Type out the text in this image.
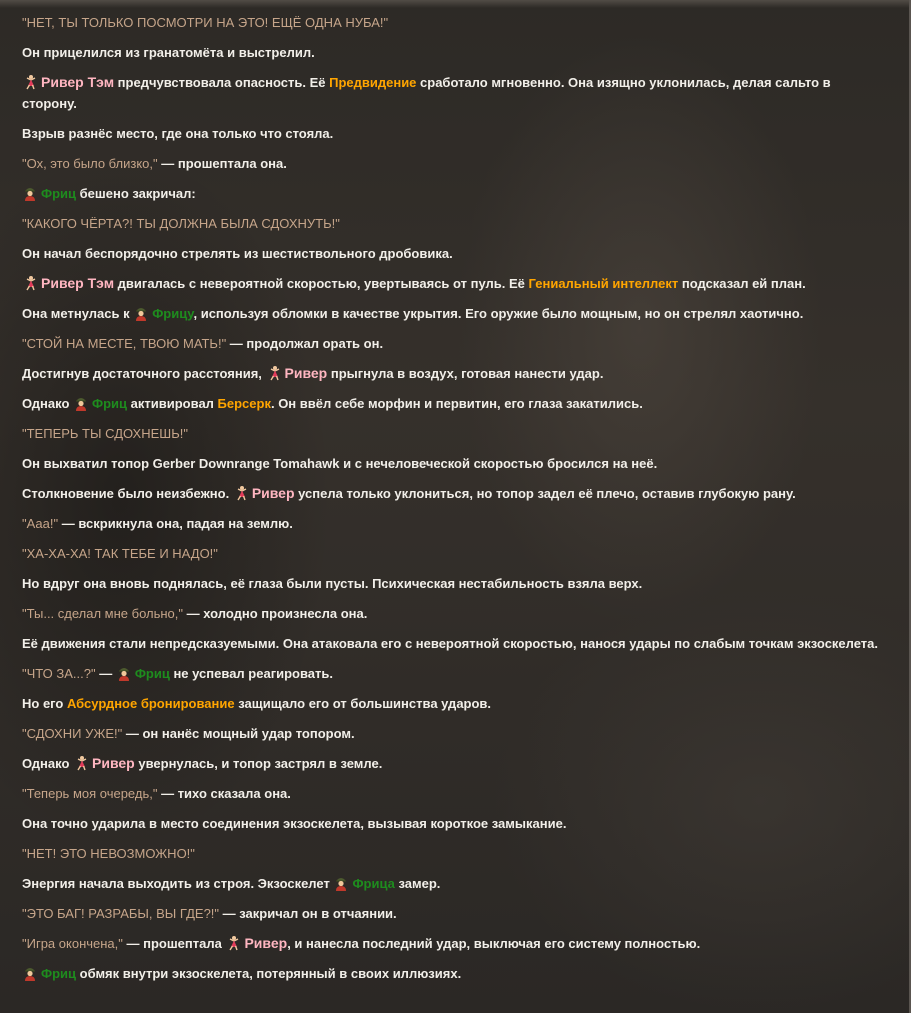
"НЕТ, ТЫ ТОЛЬКО ПОСМОТРИ НА ЭТО! ЕЩЁ ОДНА НУБА!"
Он прицелился из гранатомёта и выстрелил.
Ривер Тэм предчувствовала опасность. Её Предвидение сработало мгновенно. Она изящно уклонилась, делая сальто в сторону.
Взрыв разнёс место, где она только что стояла.
"Ох, это было близко," — прошептала она.
Фриц бешено закричал:
"КАКОГО ЧЁРТА?! ТЫ ДОЛЖНА БЫЛА СДОХНУТЬ!"
Он начал беспорядочно стрелять из шестиствольного дробовика.
Ривер Тэм двигалась с невероятной скоростью, увертываясь от пуль. Её Гениальный интеллект подсказал ей план.
Она метнулась к Фрицу, используя обломки в качестве укрытия. Его оружие было мощным, но он стрелял хаотично.
"СТОЙ НА МЕСТЕ, ТВОЮ МАТЬ!" — продолжал орать он.
Достигнув достаточного расстояния, Ривер прыгнула в воздух, готовая нанести удар.
Однако Фриц активировал Берсерк. Он ввёл себе морфин и первитин, его глаза закатились.
"ТЕПЕРЬ ТЫ СДОХНЕШЬ!"
Он выхватил топор Gerber Downrange Tomahawk и с нечеловеческой скоростью бросился на неё.
Столкновение было неизбежно. Ривер успела только уклониться, но топор задел её плечо, оставив глубокую рану.
"Ааа!" — вскрикнула она, падая на землю.
"ХА-ХА-ХА! ТАК ТЕБЕ И НАДО!"
Но вдруг она вновь поднялась, её глаза были пусты. Психическая нестабильность взяла верх.
"Ты... сделал мне больно," — холодно произнесла она.
Её движения стали непредсказуемыми. Она атаковала его с невероятной скоростью, нанося удары по слабым точкам экзоскелета.
"ЧТО ЗА...?" — Фриц не успевал реагировать.
Но его Абсурдное бронирование защищало его от большинства ударов.
"СДОХНИ УЖЕ!" — он нанёс мощный удар топором.
Однако Ривер увернулась, и топор застрял в земле.
"Теперь моя очередь," — тихо сказала она.
Она точно ударила в место соединения экзоскелета, вызывая короткое замыкание.
"НЕТ! ЭТО НЕВОЗМОЖНО!"
Энергия начала выходить из строя. Экзоскелет Фрица замер.
"ЭТО БАГ! РАЗРАБЫ, ВЫ ГДЕ?!" — закричал он в отчаянии.
"Игра окончена," — прошептала Ривер, и нанесла последний удар, выключая его систему полностью.
Фриц обмяк внутри экзоскелета, потерянный в своих иллюзиях.
